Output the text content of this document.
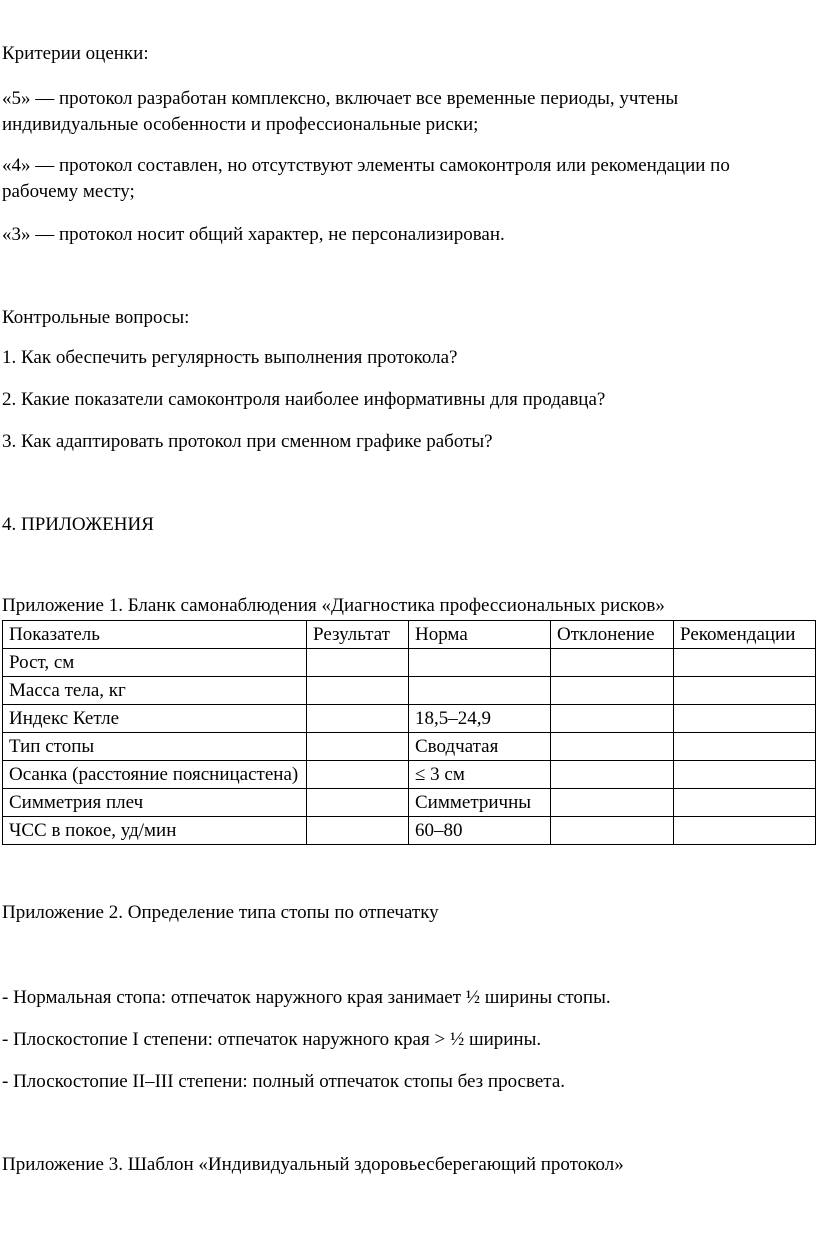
Критерии оценки:

«5» — протокол разработан комплексно, включает все временные периоды, учтены индивидуальные особенности и профессиональные риски;

«4» — протокол составлен, но отсутствуют элементы самоконтроля или рекомендации по рабочему месту;

«3» — протокол носит общий характер, не персонализирован.

Контрольные вопросы:

1. Как обеспечить регулярность выполнения протокола?

2. Какие показатели самоконтроля наиболее информативны для продавца?

3. Как адаптировать протокол при сменном графике работы?

4. ПРИЛОЖЕНИЯ

Приложение 1. Бланк самонаблюдения «Диагностика профессиональных рисков»

Показатель	Результат	Норма	Отклонение	Рекомендации
Рост, см				
Масса тела, кг				
Индекс Кетле		18,5–24,9		
Тип стопы		Сводчатая		
Осанка (расстояние поясницастена)		≤ 3 см		
Симметрия плеч		Симметричны		
ЧСС в покое, уд/мин		60–80		

Приложение 2. Определение типа стопы по отпечатку

- Нормальная стопа: отпечаток наружного края занимает ½ ширины стопы.

- Плоскостопие I степени: отпечаток наружного края > ½ ширины.

- Плоскостопие II–III степени: полный отпечаток стопы без просвета.

Приложение 3. Шаблон «Индивидуальный здоровьесберегающий протокол»
